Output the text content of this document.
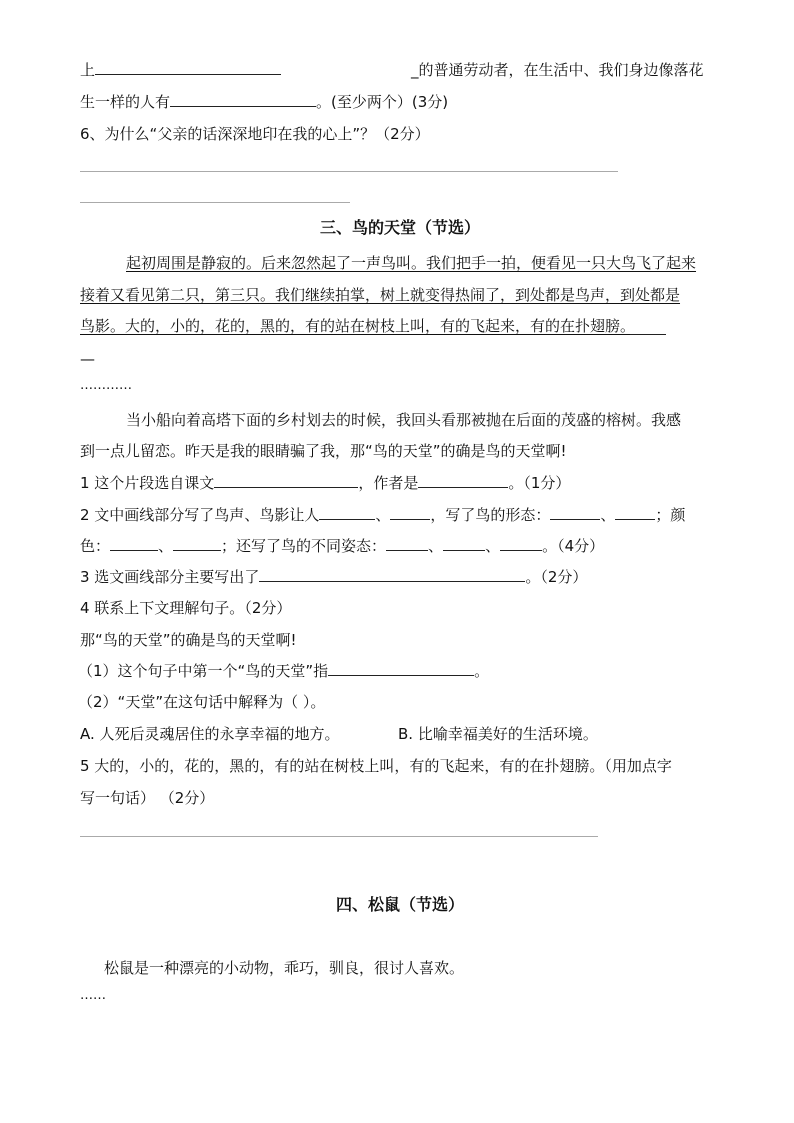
上	_的普通劳动者，在生活中、我们身边像落花
生一样的人有	。(至少两个）(3分)
6、为什么“父亲的话深深地印在我的心上”？（2分）
三、鸟的天堂（节选）
起初周围是静寂的。后来忽然起了一声鸟叫。我们把手一拍，便看见一只大鸟飞了起来
接着又看见第二只，第三只。我们继续拍掌，树上就变得热闹了，到处都是鸟声，到处都是
鸟影。大的，小的，花的，黑的，有的站在树枝上叫，有的飞起来，有的在扑翅膀。
—
…………
当小船向着高塔下面的乡村划去的时候，我回头看那被抛在后面的茂盛的榕树。我感
到一点儿留恋。昨天是我的眼睛骗了我，那“鸟的天堂”的确是鸟的天堂啊!
1 这个片段选自课文	，作者是	。（1分）
2 文中画线部分写了鸟声、鸟影让人	、	，写了鸟的形态：	、	；颜
色：	、	；还写了鸟的不同姿态：	、	、	。（4分）
3 选文画线部分主要写出了	。（2分）
4 联系上下文理解句子。（2分）
那“鸟的天堂”的确是鸟的天堂啊!
（1）这个句子中第一个“鸟的天堂”指	。
（2）“天堂”在这句话中解释为（ ）。
A. 人死后灵魂居住的永享幸福的地方。	B. 比喻幸福美好的生活环境。
5 大的，小的，花的，黑的，有的站在树枝上叫，有的飞起来，有的在扑翅膀。（用加点字
写一句话） （2分）
四、松鼠（节选）
松鼠是一种漂亮的小动物，乖巧，驯良，很讨人喜欢。
……
